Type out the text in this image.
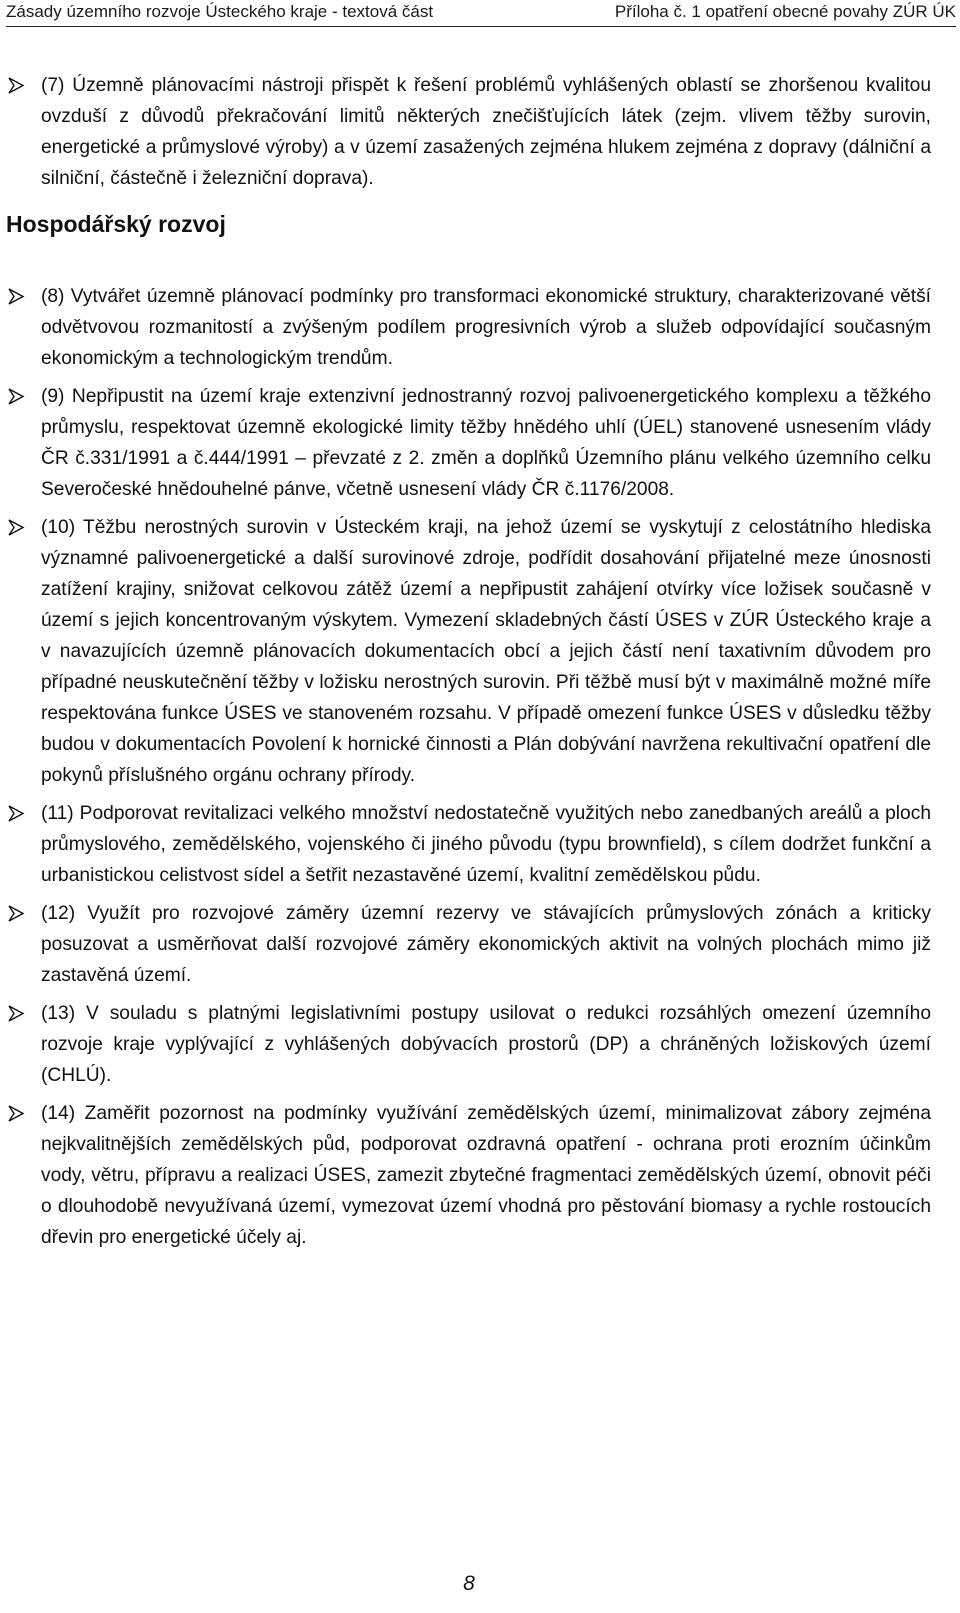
Zásady územního rozvoje Ústeckého kraje - textová část	Příloha č. 1 opatření obecné povahy ZÚR ÚK
(7) Územně plánovacími nástroji přispět k řešení problémů vyhlášených oblastí se zhoršenou kvalitou ovzduší z důvodů překračování limitů některých znečišťujících látek (zejm. vlivem těžby surovin, energetické a průmyslové výroby) a v území zasažených zejména hlukem zejména z dopravy (dálniční a silniční, částečně i železniční doprava).
Hospodářský rozvoj
(8) Vytvářet územně plánovací podmínky pro transformaci ekonomické struktury, charakterizované větší odvětvovou rozmanitostí a zvýšeným podílem progresivních výrob a služeb odpovídající současným ekonomickým a technologickým trendům.
(9) Nepřipustit na území kraje extenzivní jednostranný rozvoj palivoenergetického komplexu a těžkého průmyslu, respektovat územně ekologické limity těžby hnědého uhlí (ÚEL) stanovené usnesením vlády ČR č.331/1991 a č.444/1991 – převzaté z 2. změn a doplňků Územního plánu velkého územního celku Severočeské hnědouhelné pánve, včetně usnesení vlády ČR č.1176/2008.
(10) Těžbu nerostných surovin v Ústeckém kraji, na jehož území se vyskytují z celostátního hlediska významné palivoenergetické a další surovinové zdroje, podřídit dosahování přijatelné meze únosnosti zatížení krajiny, snižovat celkovou zátěž území a nepřipustit zahájení otvírky více ložisek současně v území s jejich koncentrovaným výskytem. Vymezení skladebných částí ÚSES v ZÚR Ústeckého kraje a v navazujících územně plánovacích dokumentacích obcí a jejich částí není taxativním důvodem pro případné neuskutečnění těžby v ložisku nerostných surovin. Při těžbě musí být v maximálně možné míře respektována funkce ÚSES ve stanoveném rozsahu. V případě omezení funkce ÚSES v důsledku těžby budou v dokumentacích Povolení k hornické činnosti a Plán dobývání navržena rekultivační opatření dle pokynů příslušného orgánu ochrany přírody.
(11) Podporovat revitalizaci velkého množství nedostatečně využitých nebo zanedbaných areálů a ploch průmyslového, zemědělského, vojenského či jiného původu (typu brownfield), s cílem dodržet funkční a urbanistickou celistvost sídel a šetřit nezastavěné území, kvalitní zemědělskou půdu.
(12) Využít pro rozvojové záměry územní rezervy ve stávajících průmyslových zónách a kriticky posuzovat a usměrňovat další rozvojové záměry ekonomických aktivit na volných plochách mimo již zastavěná území.
(13) V souladu s platnými legislativními postupy usilovat o redukci rozsáhlých omezení územního rozvoje kraje vyplývající z vyhlášených dobývacích prostorů (DP) a chráněných ložiskových území (CHLÚ).
(14) Zaměřit pozornost na podmínky využívání zemědělských území, minimalizovat zábory zejména nejkvalitnějších zemědělských půd, podporovat ozdravná opatření - ochrana proti erozním účinkům vody, větru, přípravu a realizaci ÚSES, zamezit zbytečné fragmentaci zemědělských území, obnovit péči o dlouhodobě nevyužívaná území, vymezovat území vhodná pro pěstování biomasy a rychle rostoucích dřevin pro energetické účely aj.
8
